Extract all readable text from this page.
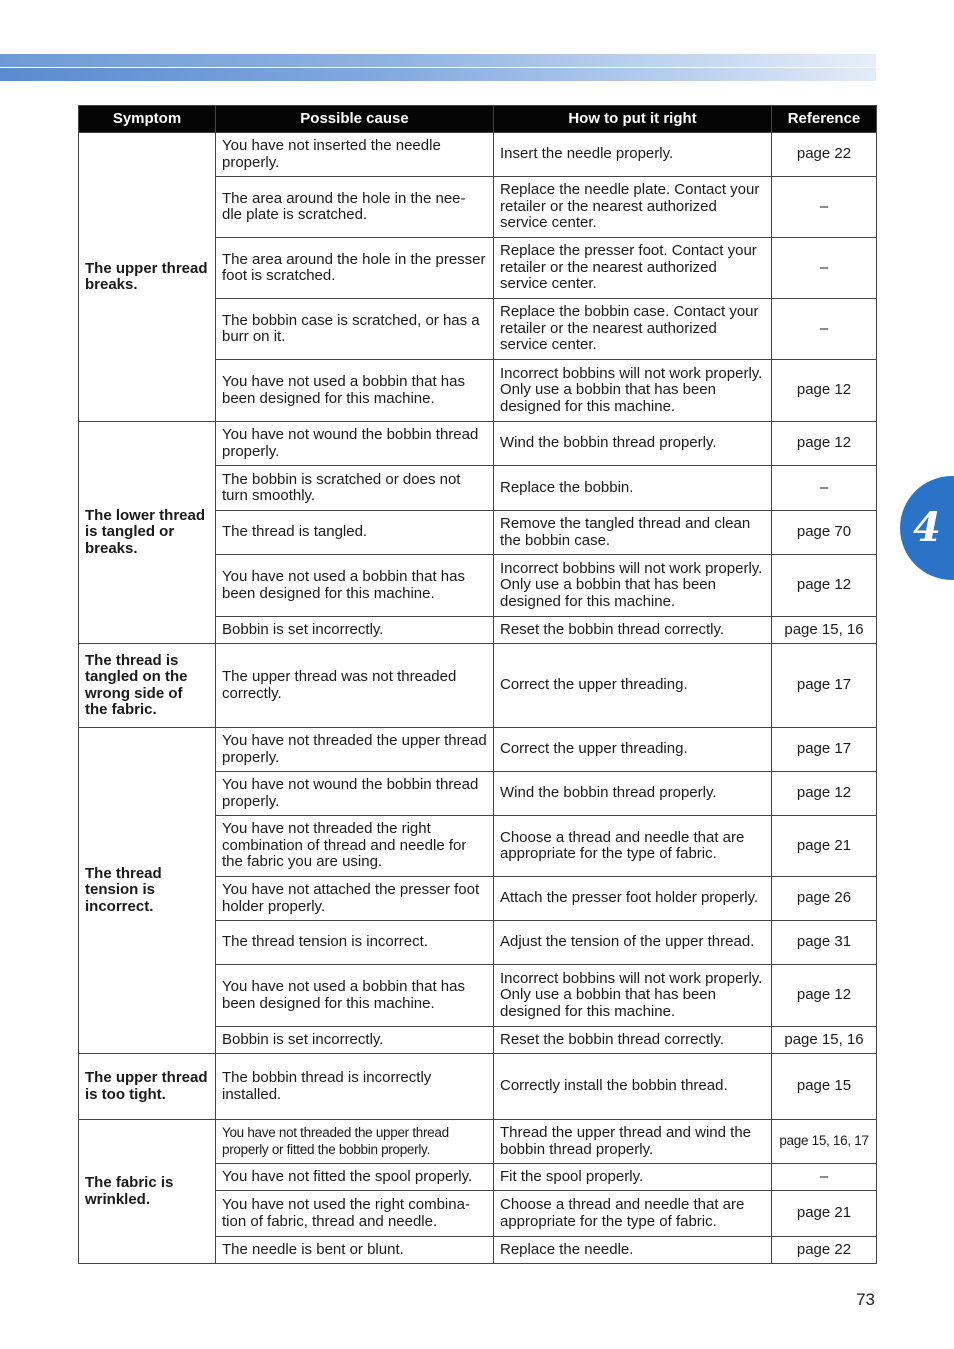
4
Symptom	Possible cause	How to put it right	Reference
The upper thread breaks.	You have not inserted the needle properly.	Insert the needle properly.	page 22
	The area around the hole in the nee- dle plate is scratched.	Replace the needle plate. Contact your retailer or the nearest authorized service center.	–
	The area around the hole in the presser foot is scratched.	Replace the presser foot. Contact your retailer or the nearest authorized service center.	–
	The bobbin case is scratched, or has a burr on it.	Replace the bobbin case. Contact your retailer or the nearest authorized service center.	–
	You have not used a bobbin that has been designed for this machine.	Incorrect bobbins will not work properly. Only use a bobbin that has been designed for this machine.	page 12
The lower thread is tangled or breaks.	You have not wound the bobbin thread properly.	Wind the bobbin thread properly.	page 12
	The bobbin is scratched or does not turn smoothly.	Replace the bobbin.	–
	The thread is tangled.	Remove the tangled thread and clean the bobbin case.	page 70
	You have not used a bobbin that has been designed for this machine.	Incorrect bobbins will not work properly. Only use a bobbin that has been designed for this machine.	page 12
	Bobbin is set incorrectly.	Reset the bobbin thread correctly.	page 15, 16
The thread is tangled on the wrong side of the fabric.	The upper thread was not threaded correctly.	Correct the upper threading.	page 17
The thread tension is incorrect.	You have not threaded the upper thread properly.	Correct the upper threading.	page 17
	You have not wound the bobbin thread properly.	Wind the bobbin thread properly.	page 12
	You have not threaded the right combination of thread and needle for the fabric you are using.	Choose a thread and needle that are appropriate for the type of fabric.	page 21
	You have not attached the presser foot holder properly.	Attach the presser foot holder properly.	page 26
	The thread tension is incorrect.	Adjust the tension of the upper thread.	page 31
	You have not used a bobbin that has been designed for this machine.	Incorrect bobbins will not work properly. Only use a bobbin that has been designed for this machine.	page 12
	Bobbin is set incorrectly.	Reset the bobbin thread correctly.	page 15, 16
The upper thread is too tight.	The bobbin thread is incorrectly installed.	Correctly install the bobbin thread.	page 15
The fabric is wrinkled.	You have not threaded the upper thread properly or fitted the bobbin properly.	Thread the upper thread and wind the bobbin thread properly.	page 15, 16, 17
	You have not fitted the spool properly.	Fit the spool properly.	–
	You have not used the right combina- tion of fabric, thread and needle.	Choose a thread and needle that are appropriate for the type of fabric.	page 21
	The needle is bent or blunt.	Replace the needle.	page 22
73
